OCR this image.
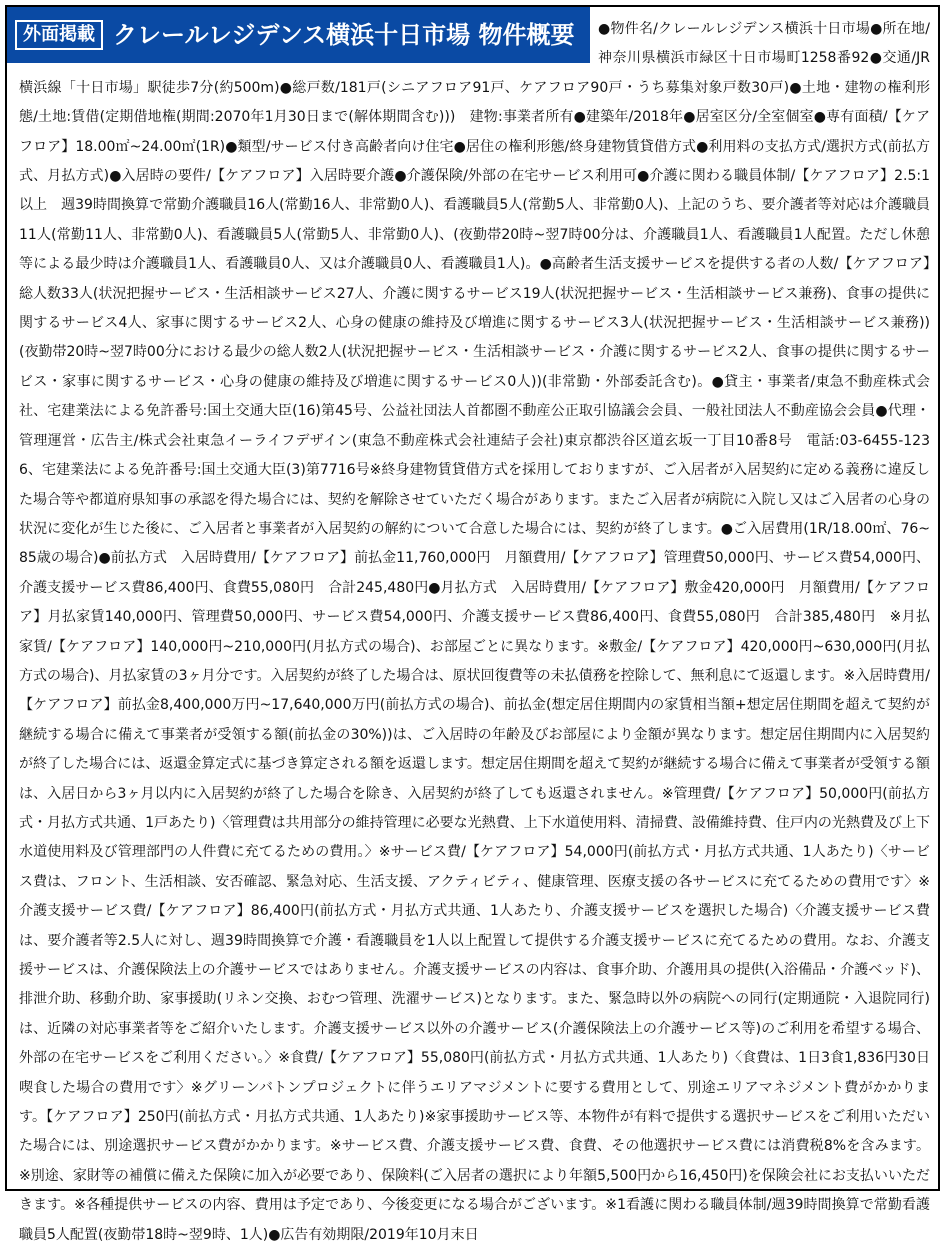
●物件名/クレールレジデンス横浜十日市場●所在地/神奈川県横浜市緑区十日市場町1258番92●交通/JR横浜線「十日市場」駅徒歩7分(約500m)●総戸数/181戸(シニアフロア91戸、ケアフロア90戸・うち募集対象戸数30戸)●土地・建物の権利形態/土地:賃借(定期借地権(期間:2070年1月30日まで(解体期間含む)))　建物:事業者所有●建築年/2018年●居室区分/全室個室●専有面積/【ケアフロア】18.00㎡~24.00㎡(1R)●類型/サービス付き高齢者向け住宅●居住の権利形態/終身建物賃貸借方式●利用料の支払方式/選択方式(前払方式、月払方式)●入居時の要件/【ケアフロア】入居時要介護●介護保険/外部の在宅サービス利用可●介護に関わる職員体制/【ケアフロア】2.5:1以上　週39時間換算で常勤介護職員16人(常勤16人、非常勤0人)、看護職員5人(常勤5人、非常勤0人)、上記のうち、要介護者等対応は介護職員11人(常勤11人、非常勤0人)、看護職員5人(常勤5人、非常勤0人)、(夜勤帯20時~翌7時00分は、介護職員1人、看護職員1人配置。ただし休憩等による最少時は介護職員1人、看護職員0人、又は介護職員0人、看護職員1人)。●高齢者生活支援サービスを提供する者の人数/【ケアフロア】総人数33人(状況把握サービス・生活相談サービス27人、介護に関するサービス19人(状況把握サービス・生活相談サービス兼務)、食事の提供に関するサービス4人、家事に関するサービス2人、心身の健康の維持及び増進に関するサービス3人(状況把握サービス・生活相談サービス兼務))(夜勤帯20時~翌7時00分における最少の総人数2人(状況把握サービス・生活相談サービス・介護に関するサービス2人、食事の提供に関するサービス・家事に関するサービス・心身の健康の維持及び増進に関するサービス0人))(非常勤・外部委託含む)。●貸主・事業者/東急不動産株式会社、宅建業法による免許番号:国土交通大臣(16)第45号、公益社団法人首都圏不動産公正取引協議会会員、一般社団法人不動産協会会員●代理・管理運営・広告主/株式会社東急イーライフデザイン(東急不動産株式会社連結子会社)東京都渋谷区道玄坂一丁目10番8号　電話:03-6455-1236、宅建業法による免許番号:国土交通大臣(3)第7716号※終身建物賃貸借方式を採用しておりますが、ご入居者が入居契約に定める義務に違反した場合等や都道府県知事の承認を得た場合には、契約を解除させていただく場合があります。またご入居者が病院に入院し又はご入居者の心身の状況に変化が生じた後に、ご入居者と事業者が入居契約の解約について合意した場合には、契約が終了します。●ご入居費用(1R/18.00㎡、76~85歳の場合)●前払方式　入居時費用/【ケアフロア】前払金11,760,000円　月額費用/【ケアフロア】管理費50,000円、サービス費54,000円、介護支援サービス費86,400円、食費55,080円　合計245,480円●月払方式　入居時費用/【ケアフロア】敷金420,000円　月額費用/【ケアフロア】月払家賃140,000円、管理費50,000円、サービス費54,000円、介護支援サービス費86,400円、食費55,080円　合計385,480円　※月払家賃/【ケアフロア】140,000円~210,000円(月払方式の場合)、お部屋ごとに異なります。※敷金/【ケアフロア】420,000円~630,000円(月払方式の場合)、月払家賃の3ヶ月分です。入居契約が終了した場合は、原状回復費等の未払債務を控除して、無利息にて返還します。※入居時費用/【ケアフロア】前払金8,400,000万円~17,640,000万円(前払方式の場合)、前払金(想定居住期間内の家賃相当額+想定居住期間を超えて契約が継続する場合に備えて事業者が受領する額(前払金の30%))は、ご入居時の年齢及びお部屋により金額が異なります。想定居住期間内に入居契約が終了した場合には、返還金算定式に基づき算定される額を返還します。想定居住期間を超えて契約が継続する場合に備えて事業者が受領する額は、入居日から3ヶ月以内に入居契約が終了した場合を除き、入居契約が終了しても返還されません。※管理費/【ケアフロア】50,000円(前払方式・月払方式共通、1戸あたり)〈管理費は共用部分の維持管理に必要な光熱費、上下水道使用料、清掃費、設備維持費、住戸内の光熱費及び上下水道使用料及び管理部門の人件費に充てるための費用。〉※サービス費/【ケアフロア】54,000円(前払方式・月払方式共通、1人あたり)〈サービス費は、フロント、生活相談、安否確認、緊急対応、生活支援、アクティビティ、健康管理、医療支援の各サービスに充てるための費用です〉※介護支援サービス費/【ケアフロア】86,400円(前払方式・月払方式共通、1人あたり、介護支援サービスを選択した場合)〈介護支援サービス費は、要介護者等2.5人に対し、週39時間換算で介護・看護職員を1人以上配置して提供する介護支援サービスに充てるための費用。なお、介護支援サービスは、介護保険法上の介護サービスではありません。介護支援サービスの内容は、食事介助、介護用具の提供(入浴備品・介護ベッド)、排泄介助、移動介助、家事援助(リネン交換、おむつ管理、洗濯サービス)となります。また、緊急時以外の病院への同行(定期通院・入退院同行)は、近隣の対応事業者等をご紹介いたします。介護支援サービス以外の介護サービス(介護保険法上の介護サービス等)のご利用を希望する場合、外部の在宅サービスをご利用ください。〉※食費/【ケアフロア】55,080円(前払方式・月払方式共通、1人あたり)〈食費は、1日3食1,836円30日喫食した場合の費用です〉※グリーンバトンプロジェクトに伴うエリアマジメントに要する費用として、別途エリアマネジメント費がかかります。【ケアフロア】250円(前払方式・月払方式共通、1人あたり)※家事援助サービス等、本物件が有料で提供する選択サービスをご利用いただいた場合には、別途選択サービス費がかかります。※サービス費、介護支援サービス費、食費、その他選択サービス費には消費税8%を含みます。※別途、家財等の補償に備えた保険に加入が必要であり、保険料(ご入居者の選択により年額5,500円から16,450円)を保険会社にお支払いいただきます。※各種提供サービスの内容、費用は予定であり、今後変更になる場合がございます。※1看護に関わる職員体制/週39時間換算で常勤看護職員5人配置(夜勤帯18時~翌9時、1人)●広告有効期限/2019年10月末日
外面掲載 クレールレジデンス横浜十日市場 物件概要
